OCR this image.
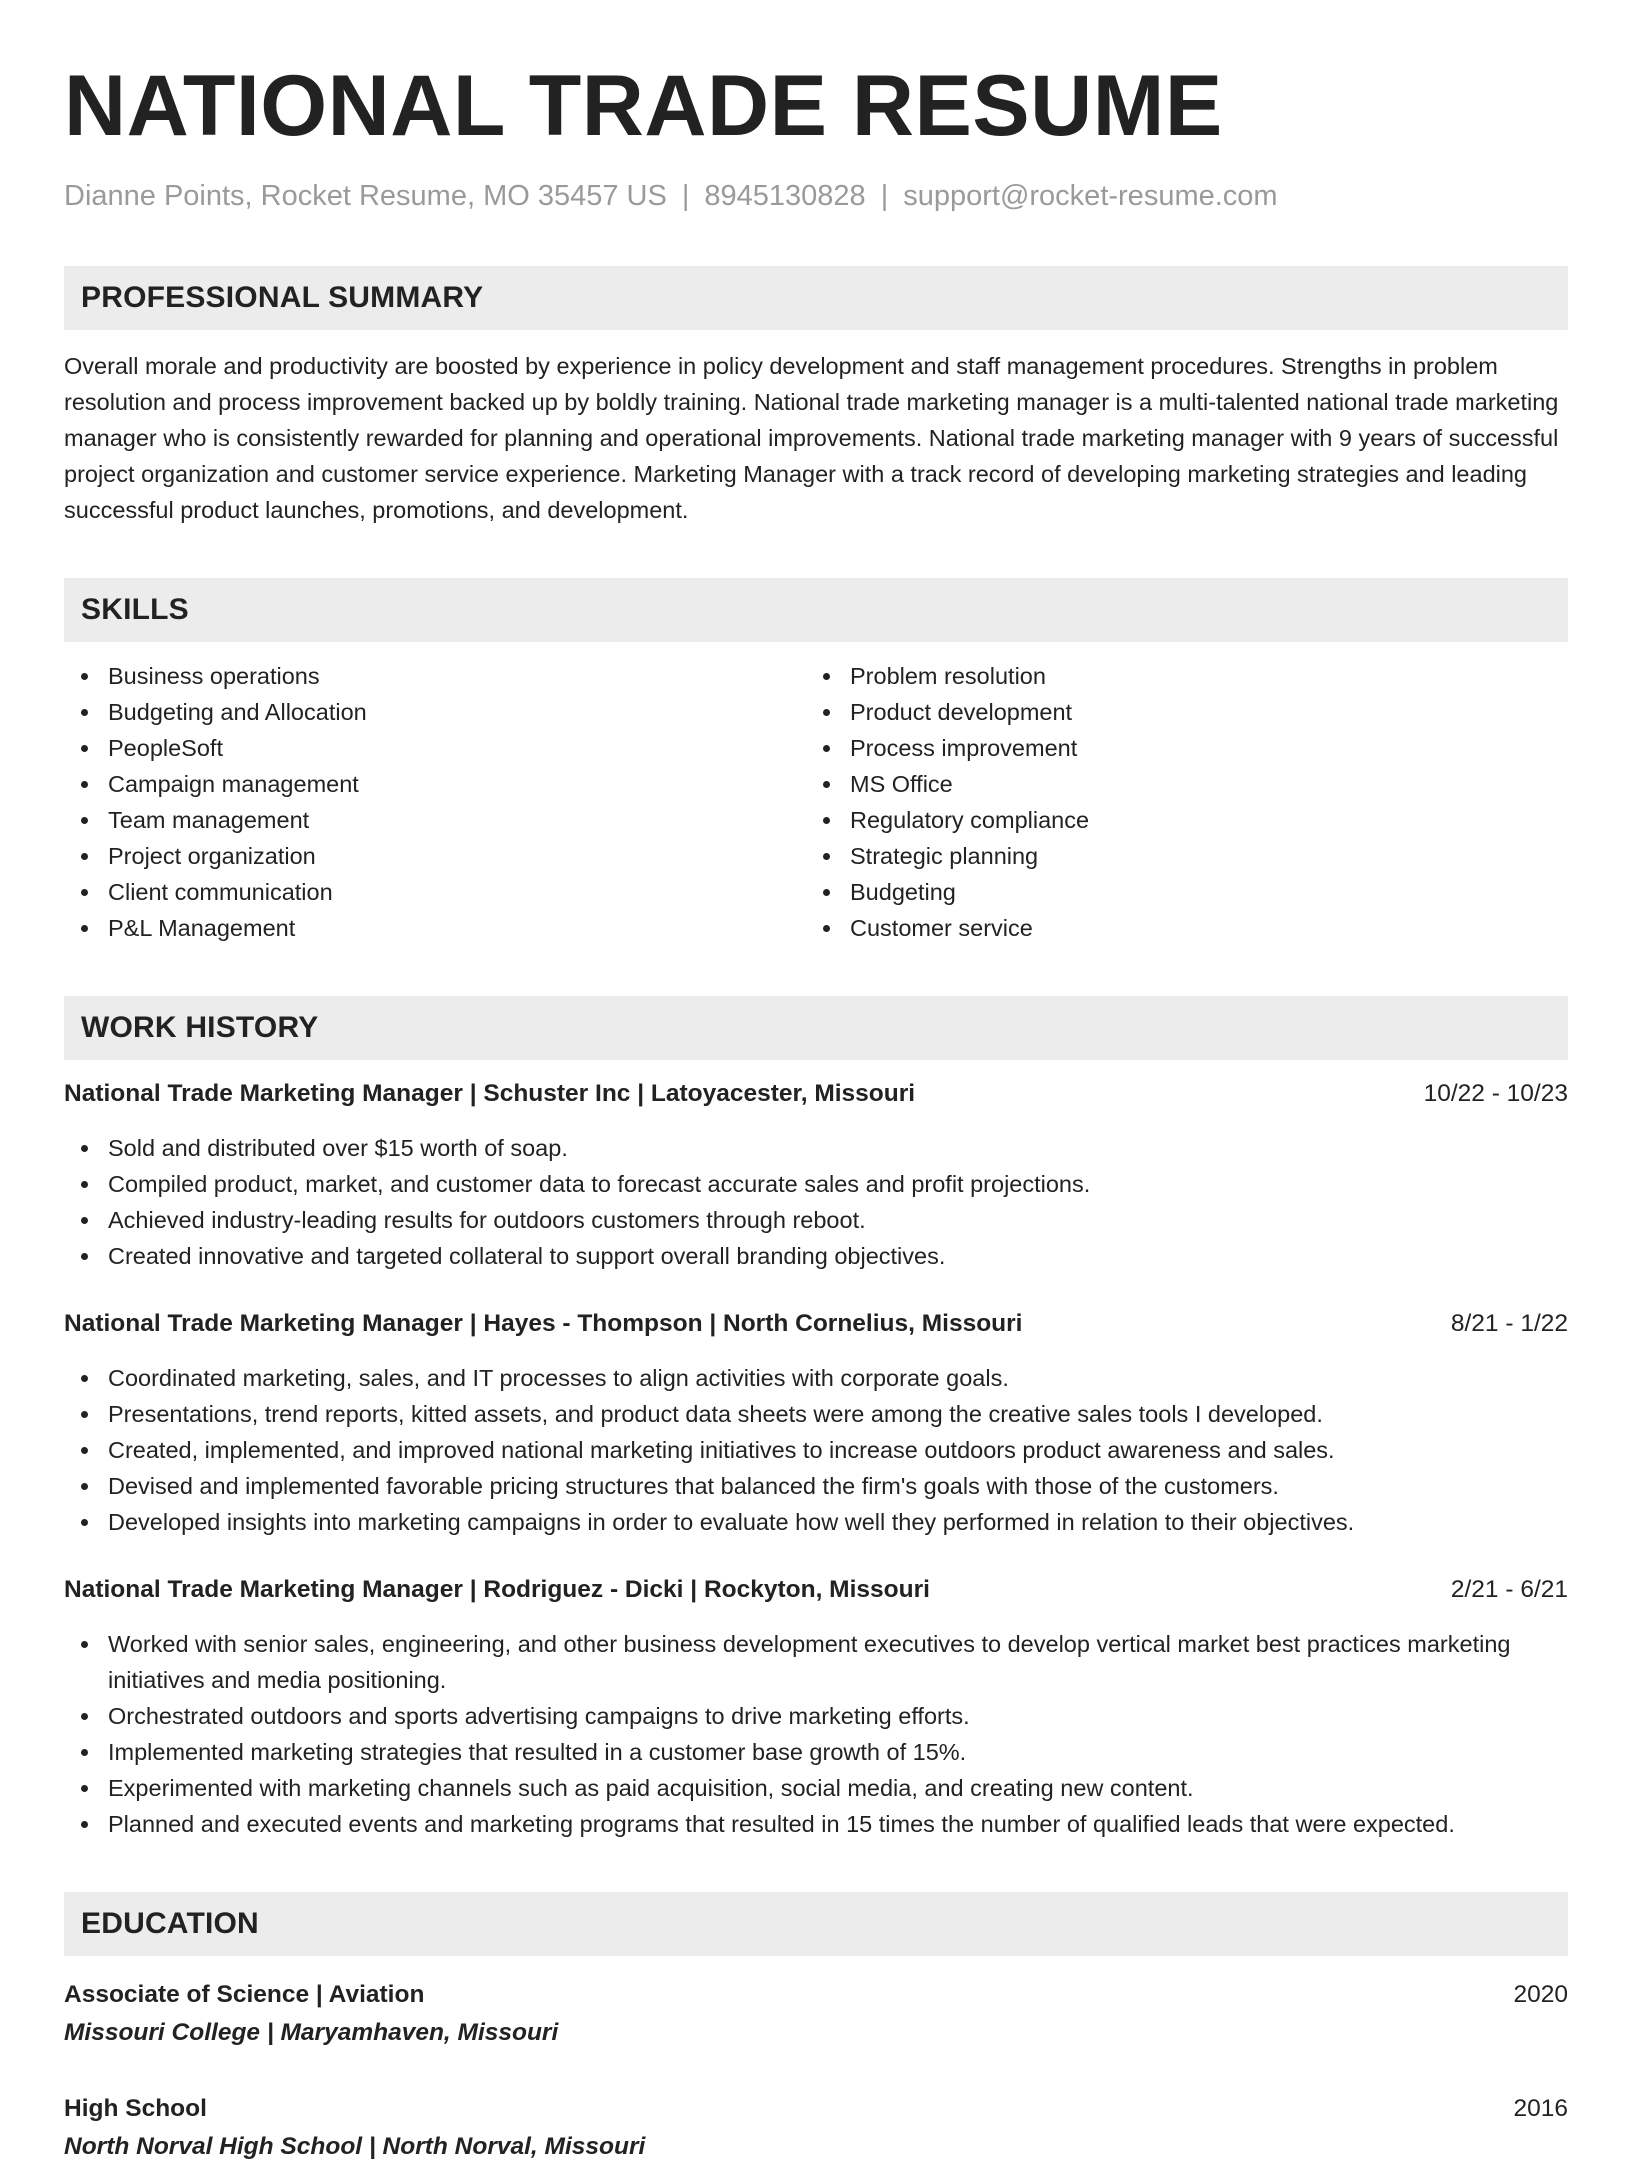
NATIONAL TRADE RESUME
Dianne Points, Rocket Resume, MO 35457 US | 8945130828 | support@rocket-resume.com
PROFESSIONAL SUMMARY

Overall morale and productivity are boosted by experience in policy development and staff management procedures. Strengths in problem resolution and process improvement backed up by boldly training. National trade marketing manager is a multi-talented national trade marketing manager who is consistently rewarded for planning and operational improvements. National trade marketing manager with 9 years of successful project organization and customer service experience. Marketing Manager with a track record of developing marketing strategies and leading successful product launches, promotions, and development.

SKILLS
Business operations
Budgeting and Allocation
PeopleSoft
Campaign management
Team management
Project organization
Client communication
P&L Management
Problem resolution
Product development
Process improvement
MS Office
Regulatory compliance
Strategic planning
Budgeting
Customer service
WORK HISTORY
National Trade Marketing Manager | Schuster Inc | Latoyacester, Missouri	10/22 - 10/23
Sold and distributed over $15 worth of soap.
Compiled product, market, and customer data to forecast accurate sales and profit projections.
Achieved industry-leading results for outdoors customers through reboot.
Created innovative and targeted collateral to support overall branding objectives.
National Trade Marketing Manager | Hayes - Thompson | North Cornelius, Missouri	8/21 - 1/22
Coordinated marketing, sales, and IT processes to align activities with corporate goals.
Presentations, trend reports, kitted assets, and product data sheets were among the creative sales tools I developed.
Created, implemented, and improved national marketing initiatives to increase outdoors product awareness and sales.
Devised and implemented favorable pricing structures that balanced the firm's goals with those of the customers.
Developed insights into marketing campaigns in order to evaluate how well they performed in relation to their objectives.
National Trade Marketing Manager | Rodriguez - Dicki | Rockyton, Missouri	2/21 - 6/21
Worked with senior sales, engineering, and other business development executives to develop vertical market best practices marketing initiatives and media positioning.
Orchestrated outdoors and sports advertising campaigns to drive marketing efforts.
Implemented marketing strategies that resulted in a customer base growth of 15%.
Experimented with marketing channels such as paid acquisition, social media, and creating new content.
Planned and executed events and marketing programs that resulted in 15 times the number of qualified leads that were expected.
EDUCATION
Associate of Science | Aviation	2020
Missouri College | Maryamhaven, Missouri
High School	2016
North Norval High School | North Norval, Missouri
